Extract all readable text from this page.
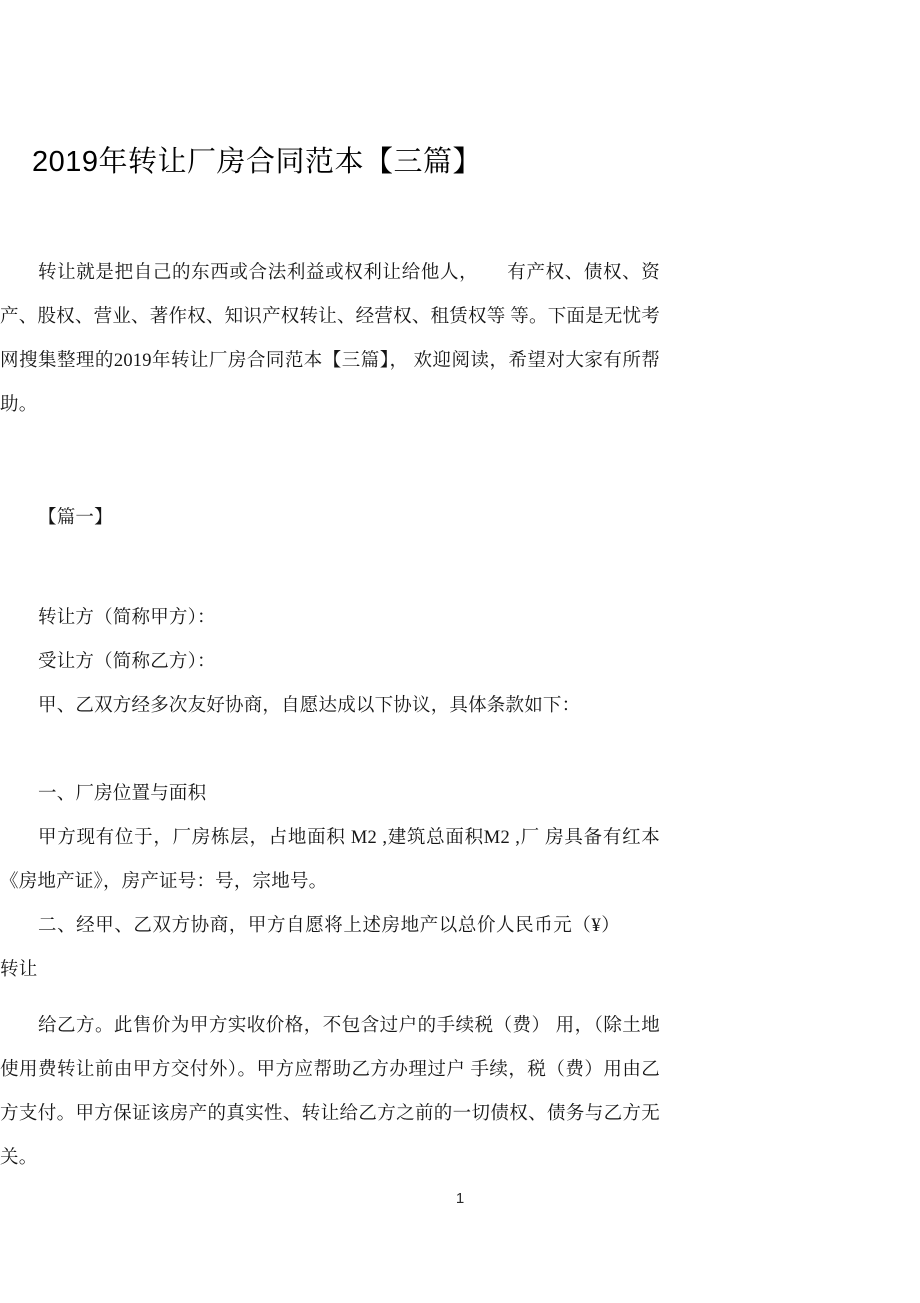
2019年转让厂房合同范本【三篇】

转让就是把自己的东西或合法利益或权利让给他人，　　有产权、债权、资产、股权、营业、著作权、知识产权转让、经营权、租赁权等 等。下面是无忧考网搜集整理的2019年转让厂房合同范本【三篇】， 欢迎阅读，希望对大家有所帮助。

【篇一】

转让方（简称甲方）：

受让方（简称乙方）：

甲、乙双方经多次友好协商，自愿达成以下协议，具体条款如下：

一、厂房位置与面积

甲方现有位于，厂房栋层，占地面积 M2 ,建筑总面积M2 ,厂 房具备有红本《房地产证》，房产证号：号，宗地号。

二、经甲、乙双方协商，甲方自愿将上述房地产以总价人民币元（¥）转让

给乙方。此售价为甲方实收价格，不包含过户的手续税（费） 用，（除土地使用费转让前由甲方交付外）。甲方应帮助乙方办理过户 手续，税（费）用由乙方支付。甲方保证该房产的真实性、转让给乙方之前的一切债权、债务与乙方无关。

1
